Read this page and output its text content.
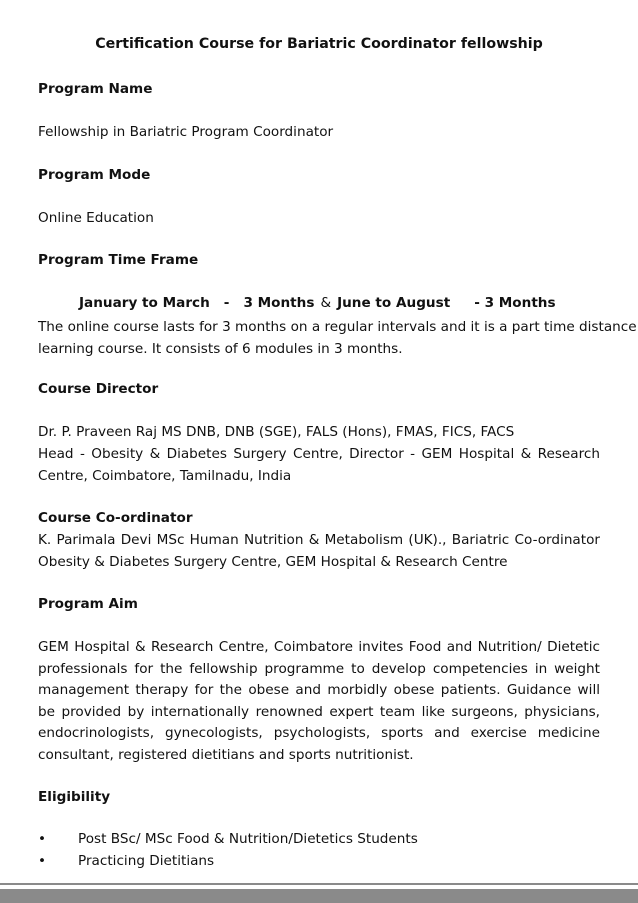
Certification Course for Bariatric Coordinator fellowship
Program Name
Fellowship in Bariatric Program Coordinator
Program Mode
Online Education
Program Time Frame
January to March - 3 Months & June to August - 3 Months
The online course lasts for 3 months on a regular intervals and it is a part time distance
learning course. It consists of 6 modules in 3 months.
Course Director
Dr. P. Praveen Raj MS DNB, DNB (SGE), FALS (Hons), FMAS, FICS, FACS
Head - Obesity & Diabetes Surgery Centre, Director - GEM Hospital & Research
Centre, Coimbatore, Tamilnadu, India
Course Co-ordinator
K. Parimala Devi MSc Human Nutrition & Metabolism (UK)., Bariatric Co-ordinator
Obesity & Diabetes Surgery Centre, GEM Hospital & Research Centre
Program Aim
GEM Hospital & Research Centre, Coimbatore invites Food and Nutrition/ Dietetic
professionals for the fellowship programme to develop competencies in weight
management therapy for the obese and morbidly obese patients. Guidance will
be provided by internationally renowned expert team like surgeons, physicians,
endocrinologists, gynecologists, psychologists, sports and exercise medicine
consultant, registered dietitians and sports nutritionist.
Eligibility
• Post BSc/ MSc Food & Nutrition/Dietetics Students
• Practicing Dietitians
